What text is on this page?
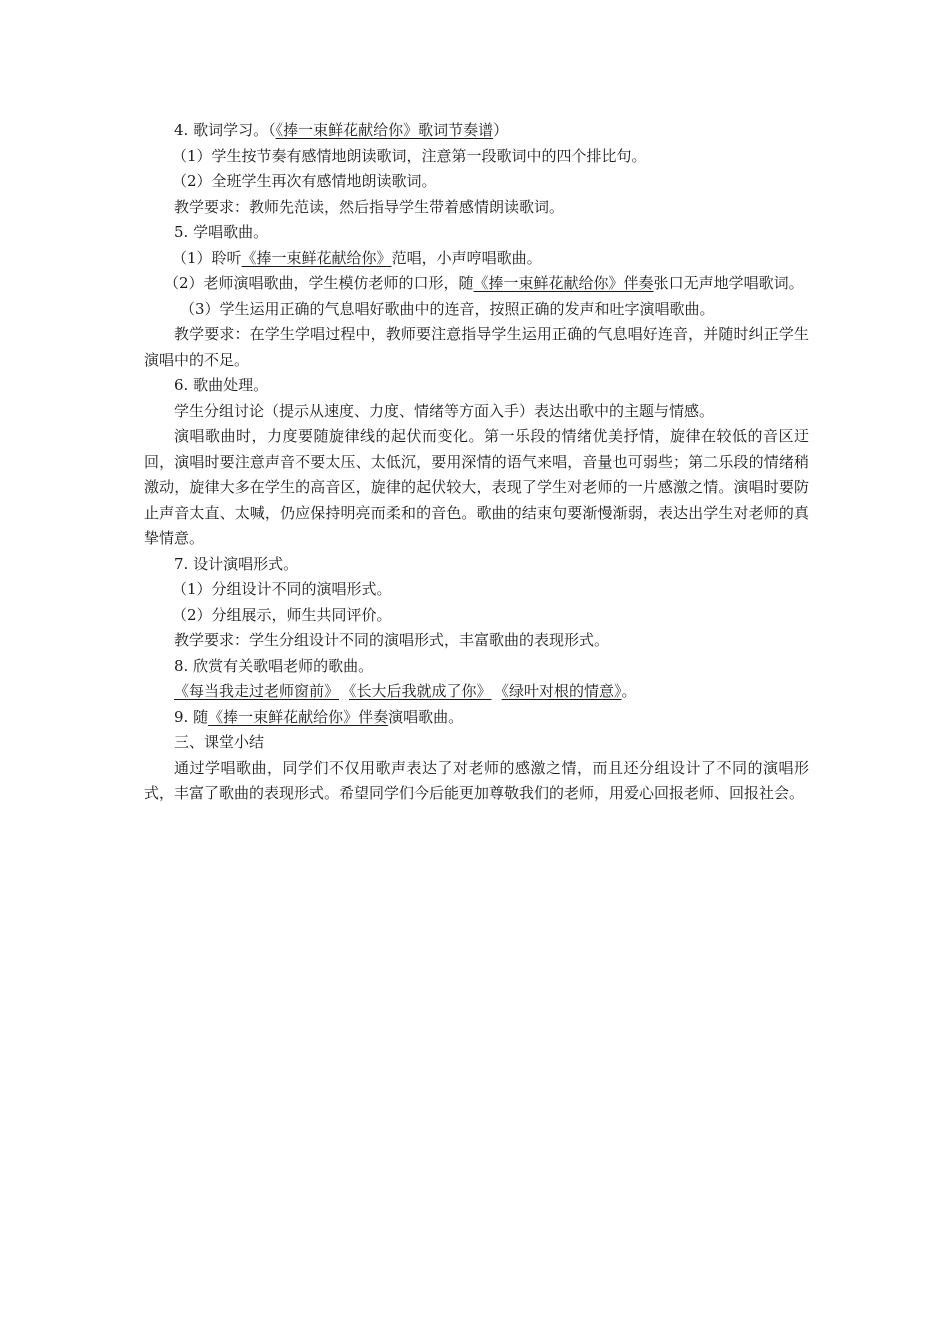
4. 歌词学习。（《捧一束鲜花献给你》歌词节奏谱）

（1）学生按节奏有感情地朗读歌词，注意第一段歌词中的四个排比句。

（2）全班学生再次有感情地朗读歌词。

教学要求：教师先范读，然后指导学生带着感情朗读歌词。

5. 学唱歌曲。

（1）聆听《捧一束鲜花献给你》范唱，小声哼唱歌曲。

（2）老师演唱歌曲，学生模仿老师的口形，随《捧一束鲜花献给你》伴奏张口无声地学唱歌词。

（3）学生运用正确的气息唱好歌曲中的连音，按照正确的发声和吐字演唱歌曲。

教学要求：在学生学唱过程中，教师要注意指导学生运用正确的气息唱好连音，并随时纠正学生演唱中的不足。

6. 歌曲处理。

学生分组讨论（提示从速度、力度、情绪等方面入手）表达出歌中的主题与情感。

演唱歌曲时，力度要随旋律线的起伏而变化。第一乐段的情绪优美抒情，旋律在较低的音区迂回，演唱时要注意声音不要太压、太低沉，要用深情的语气来唱，音量也可弱些；第二乐段的情绪稍激动，旋律大多在学生的高音区，旋律的起伏较大，表现了学生对老师的一片感激之情。演唱时要防止声音太直、太喊，仍应保持明亮而柔和的音色。歌曲的结束句要渐慢渐弱，表达出学生对老师的真挚情意。

7. 设计演唱形式。

（1）分组设计不同的演唱形式。

（2）分组展示，师生共同评价。

教学要求：学生分组设计不同的演唱形式，丰富歌曲的表现形式。

8. 欣赏有关歌唱老师的歌曲。

《每当我走过老师窗前》 《长大后我就成了你》 《绿叶对根的情意》。

9. 随《捧一束鲜花献给你》伴奏演唱歌曲。

三、课堂小结

通过学唱歌曲，同学们不仅用歌声表达了对老师的感激之情，而且还分组设计了不同的演唱形式，丰富了歌曲的表现形式。希望同学们今后能更加尊敬我们的老师，用爱心回报老师、回报社会。
